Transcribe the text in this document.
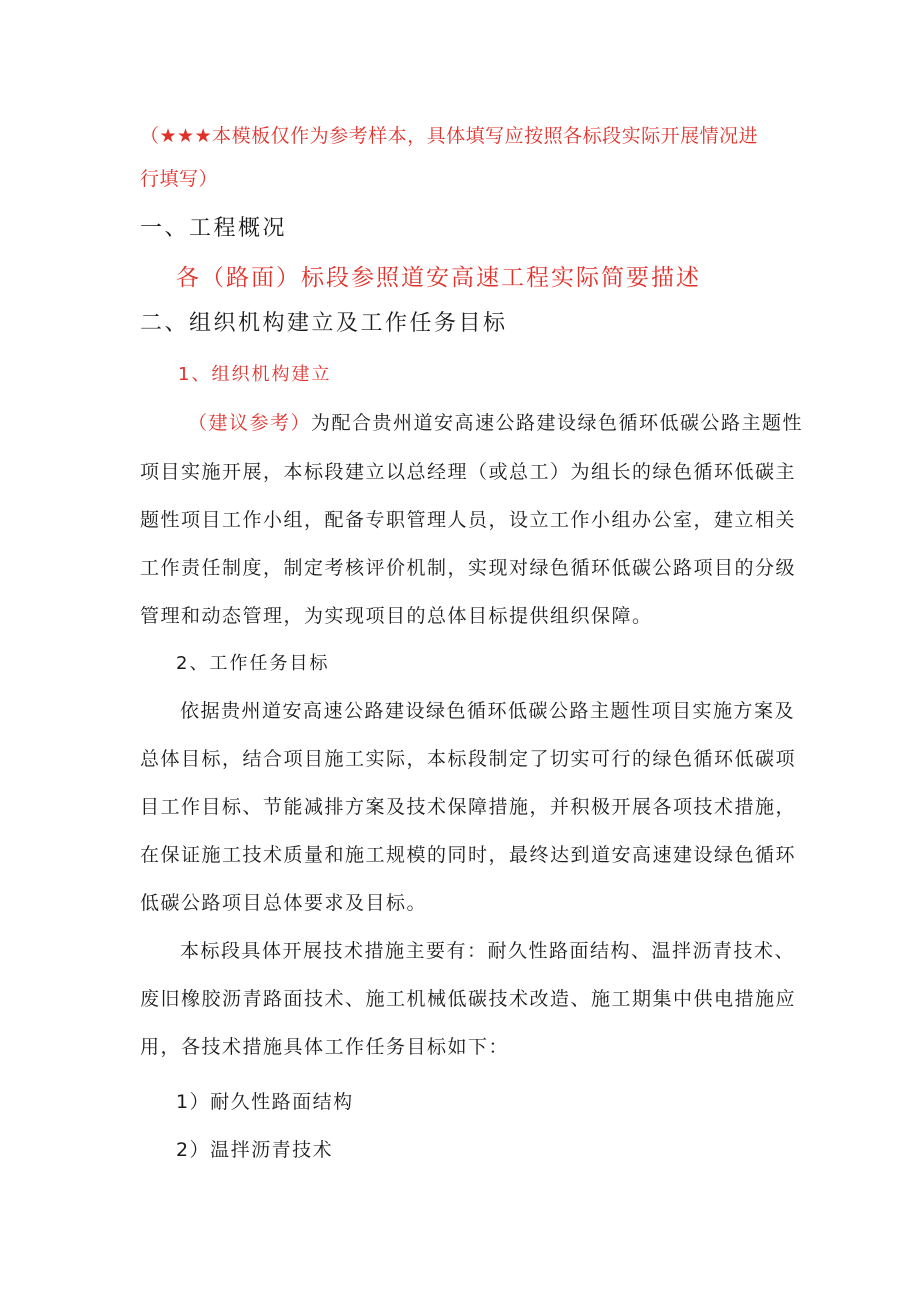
（★★★本模板仅作为参考样本，具体填写应按照各标段实际开展情况进
行填写）
一、工程概况
各（路面）标段参照道安高速工程实际简要描述
二、组织机构建立及工作任务目标
1、组织机构建立
（建议参考）为配合贵州道安高速公路建设绿色循环低碳公路主题性
项目实施开展，本标段建立以总经理（或总工）为组长的绿色循环低碳主
题性项目工作小组，配备专职管理人员，设立工作小组办公室，建立相关
工作责任制度，制定考核评价机制，实现对绿色循环低碳公路项目的分级
管理和动态管理，为实现项目的总体目标提供组织保障。
2、工作任务目标
依据贵州道安高速公路建设绿色循环低碳公路主题性项目实施方案及
总体目标，结合项目施工实际，本标段制定了切实可行的绿色循环低碳项
目工作目标、节能减排方案及技术保障措施，并积极开展各项技术措施，
在保证施工技术质量和施工规模的同时，最终达到道安高速建设绿色循环
低碳公路项目总体要求及目标。
本标段具体开展技术措施主要有：耐久性路面结构、温拌沥青技术、
废旧橡胶沥青路面技术、施工机械低碳技术改造、施工期集中供电措施应
用，各技术措施具体工作任务目标如下：
1）耐久性路面结构
2）温拌沥青技术
